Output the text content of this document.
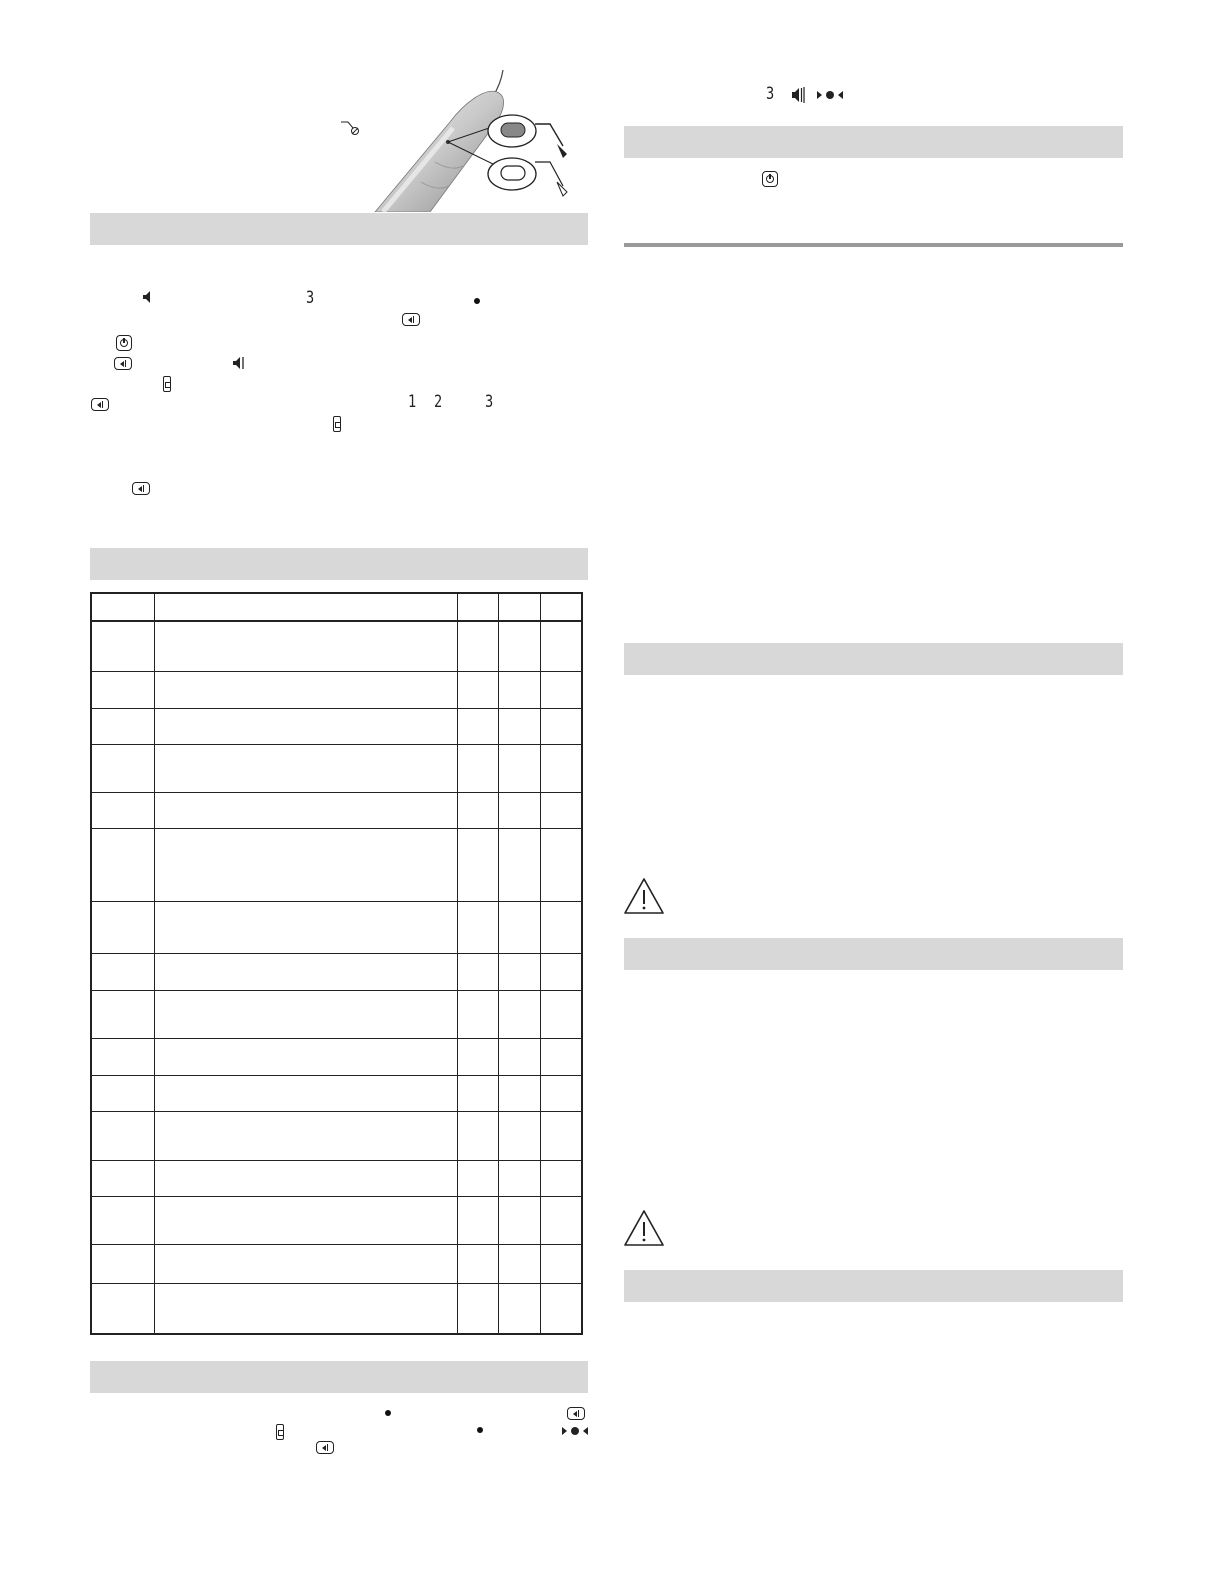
3
1 2	3

3
